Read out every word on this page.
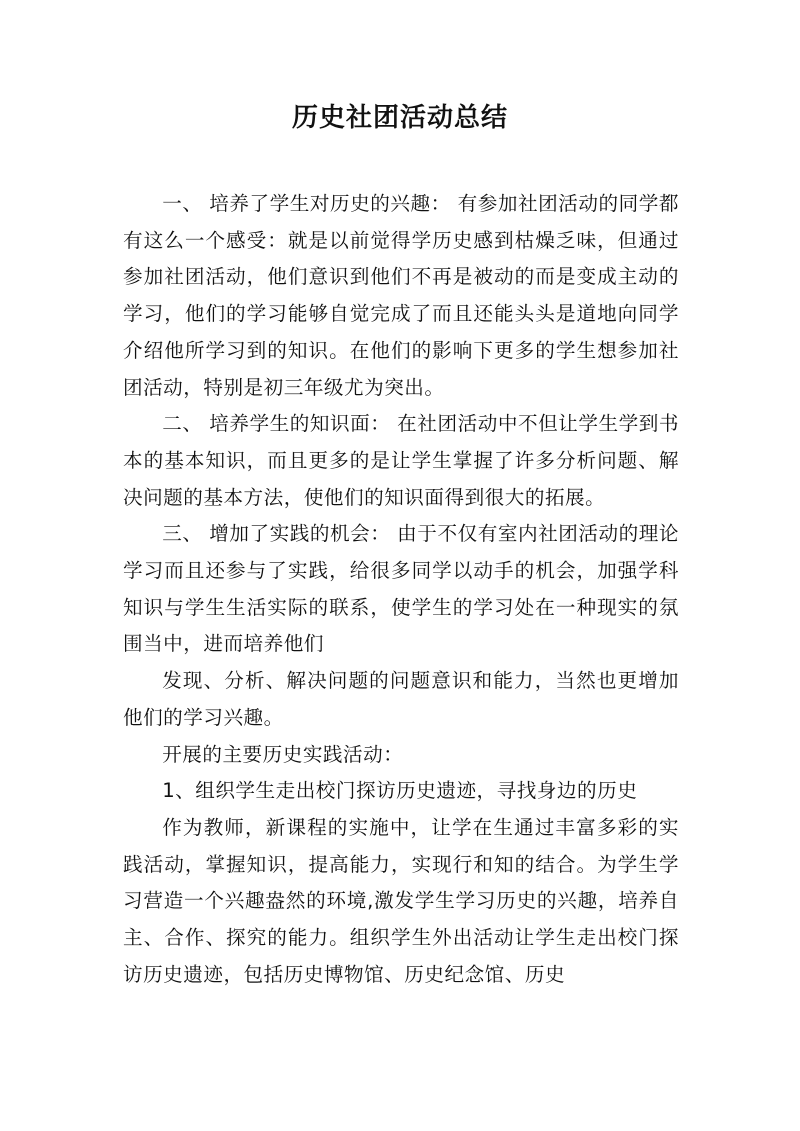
历史社团活动总结

一、 培养了学生对历史的兴趣： 有参加社团活动的同学都有这么一个感受：就是以前觉得学历史感到枯燥乏味，但通过参加社团活动，他们意识到他们不再是被动的而是变成主动的学习，他们的学习能够自觉完成了而且还能头头是道地向同学介绍他所学习到的知识。在他们的影响下更多的学生想参加社团活动，特别是初三年级尤为突出。

二、 培养学生的知识面： 在社团活动中不但让学生学到书本的基本知识，而且更多的是让学生掌握了许多分析问题、解决问题的基本方法，使他们的知识面得到很大的拓展。

三、 增加了实践的机会： 由于不仅有室内社团活动的理论学习而且还参与了实践，给很多同学以动手的机会，加强学科知识与学生生活实际的联系，使学生的学习处在一种现实的氛围当中，进而培养他们

发现、分析、解决问题的问题意识和能力，当然也更增加他们的学习兴趣。

开展的主要历史实践活动：

1、组织学生走出校门探访历史遗迹，寻找身边的历史

作为教师，新课程的实施中，让学在生通过丰富多彩的实践活动，掌握知识，提高能力，实现行和知的结合。为学生学习营造一个兴趣盎然的环境,激发学生学习历史的兴趣，培养自主、合作、探究的能力。组织学生外出活动让学生走出校门探访历史遗迹，包括历史博物馆、历史纪念馆、历史
